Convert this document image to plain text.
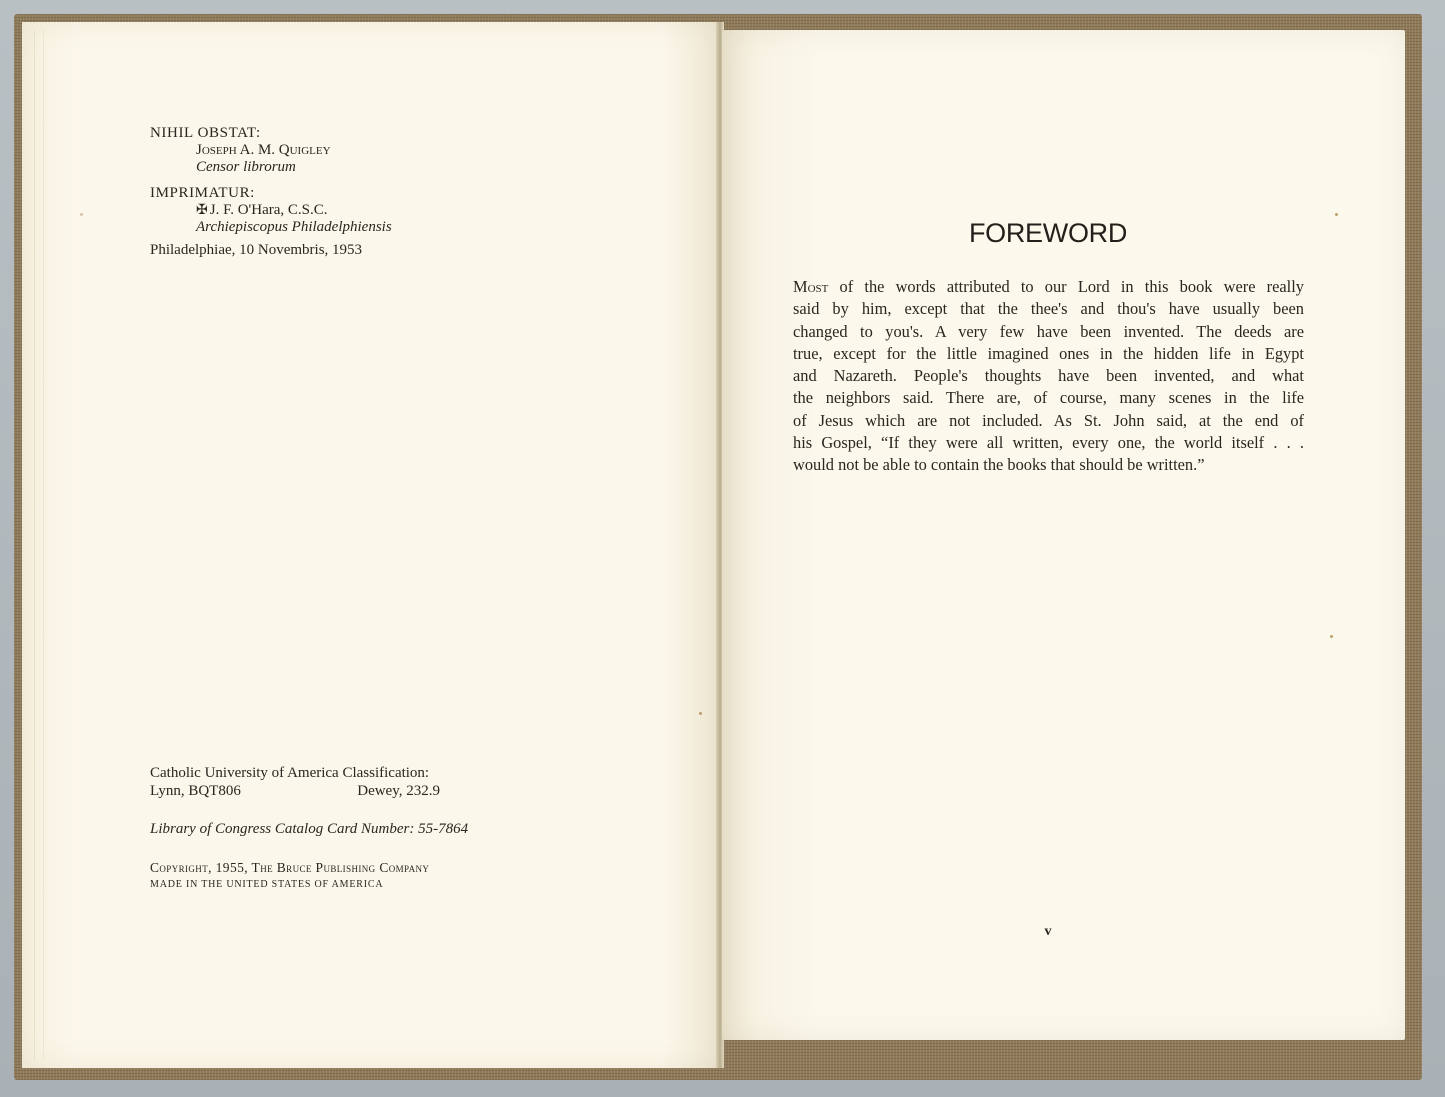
NIHIL OBSTAT:
Joseph A. M. Quigley
Censor librorum
IMPRIMATUR:
✠ J. F. O'Hara, C.S.C.
Archiepiscopus Philadelphiensis
Philadelphiae, 10 Novembris, 1953
Catholic University of America Classification:
Lynn, BQT806	Dewey, 232.9
Library of Congress Catalog Card Number: 55-7864
Copyright, 1955, The Bruce Publishing Company
MADE IN THE UNITED STATES OF AMERICA
FOREWORD
Most of the words attributed to our Lord in this book were really
said by him, except that the thee's and thou's have usually been
changed to you's. A very few have been invented. The deeds are
true, except for the little imagined ones in the hidden life in Egypt
and Nazareth. People's thoughts have been invented, and what
the neighbors said. There are, of course, many scenes in the life
of Jesus which are not included. As St. John said, at the end of
his Gospel, “If they were all written, every one, the world itself . . .
would not be able to contain the books that should be written.”
v
